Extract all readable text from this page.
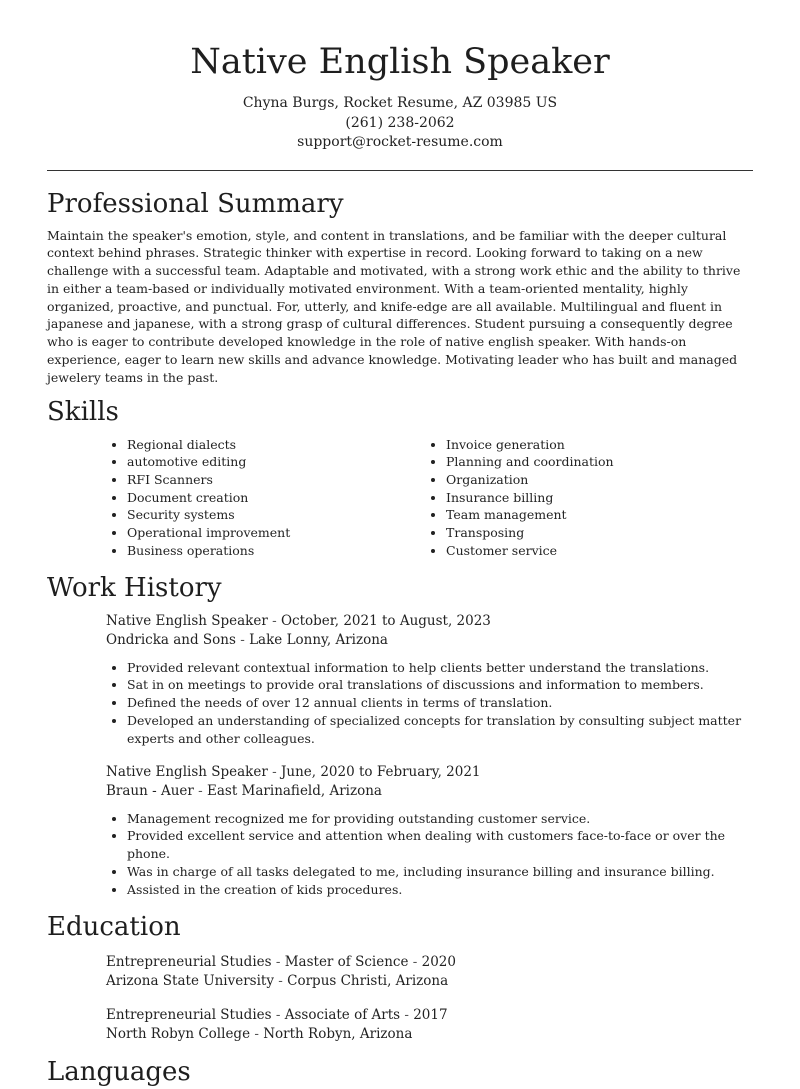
Native English Speaker
Chyna Burgs, Rocket Resume, AZ 03985 US
(261) 238-2062
support@rocket-resume.com
Professional Summary

Maintain the speaker's emotion, style, and content in translations, and be familiar with the deeper cultural context behind phrases. Strategic thinker with expertise in record. Looking forward to taking on a new challenge with a successful team. Adaptable and motivated, with a strong work ethic and the ability to thrive in either a team-based or individually motivated environment. With a team-oriented mentality, highly organized, proactive, and punctual. For, utterly, and knife-edge are all available. Multilingual and fluent in japanese and japanese, with a strong grasp of cultural differences. Student pursuing a consequently degree who is eager to contribute developed knowledge in the role of native english speaker. With hands-on experience, eager to learn new skills and advance knowledge. Motivating leader who has built and managed jewelery teams in the past.

Skills
• Regional dialects
• automotive editing
• RFI Scanners
• Document creation
• Security systems
• Operational improvement
• Business operations
• Invoice generation
• Planning and coordination
• Organization
• Insurance billing
• Team management
• Transposing
• Customer service
Work History
Native English Speaker - October, 2021 to August, 2023
Ondricka and Sons - Lake Lonny, Arizona
• Provided relevant contextual information to help clients better understand the translations.
• Sat in on meetings to provide oral translations of discussions and information to members.
• Defined the needs of over 12 annual clients in terms of translation.
• Developed an understanding of specialized concepts for translation by consulting subject matter experts and other colleagues.
Native English Speaker - June, 2020 to February, 2021
Braun - Auer - East Marinafield, Arizona
• Management recognized me for providing outstanding customer service.
• Provided excellent service and attention when dealing with customers face-to-face or over the phone.
• Was in charge of all tasks delegated to me, including insurance billing and insurance billing.
• Assisted in the creation of kids procedures.
Education
Entrepreneurial Studies - Master of Science - 2020
Arizona State University - Corpus Christi, Arizona
Entrepreneurial Studies - Associate of Arts - 2017
North Robyn College - North Robyn, Arizona
Languages
